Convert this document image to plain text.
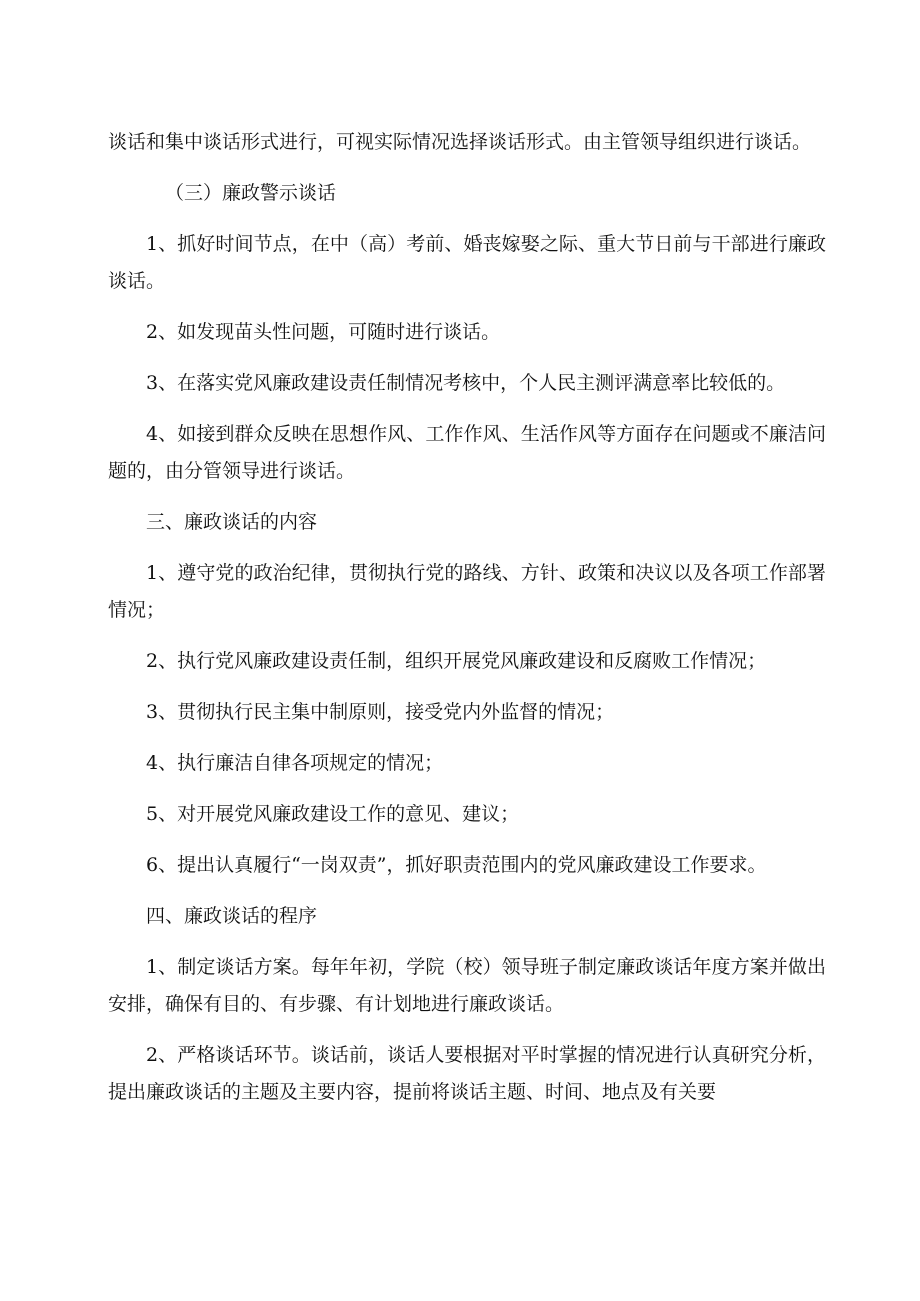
谈话和集中谈话形式进行，可视实际情况选择谈话形式。由主管领导组织进行谈话。

（三）廉政警示谈话

1、抓好时间节点，在中（高）考前、婚丧嫁娶之际、重大节日前与干部进行廉政谈话。

2、如发现苗头性问题，可随时进行谈话。

3、在落实党风廉政建设责任制情况考核中，个人民主测评满意率比较低的。

4、如接到群众反映在思想作风、工作作风、生活作风等方面存在问题或不廉洁问题的，由分管领导进行谈话。

三、廉政谈话的内容

1、遵守党的政治纪律，贯彻执行党的路线、方针、政策和决议以及各项工作部署情况；

2、执行党风廉政建设责任制，组织开展党风廉政建设和反腐败工作情况；

3、贯彻执行民主集中制原则，接受党内外监督的情况；

4、执行廉洁自律各项规定的情况；

5、对开展党风廉政建设工作的意见、建议；

6、提出认真履行“一岗双责”，抓好职责范围内的党风廉政建设工作要求。

四、廉政谈话的程序

1、制定谈话方案。每年年初，学院（校）领导班子制定廉政谈话年度方案并做出安排，确保有目的、有步骤、有计划地进行廉政谈话。

2、严格谈话环节。谈话前，谈话人要根据对平时掌握的情况进行认真研究分析，提出廉政谈话的主题及主要内容，提前将谈话主题、时间、地点及有关要
